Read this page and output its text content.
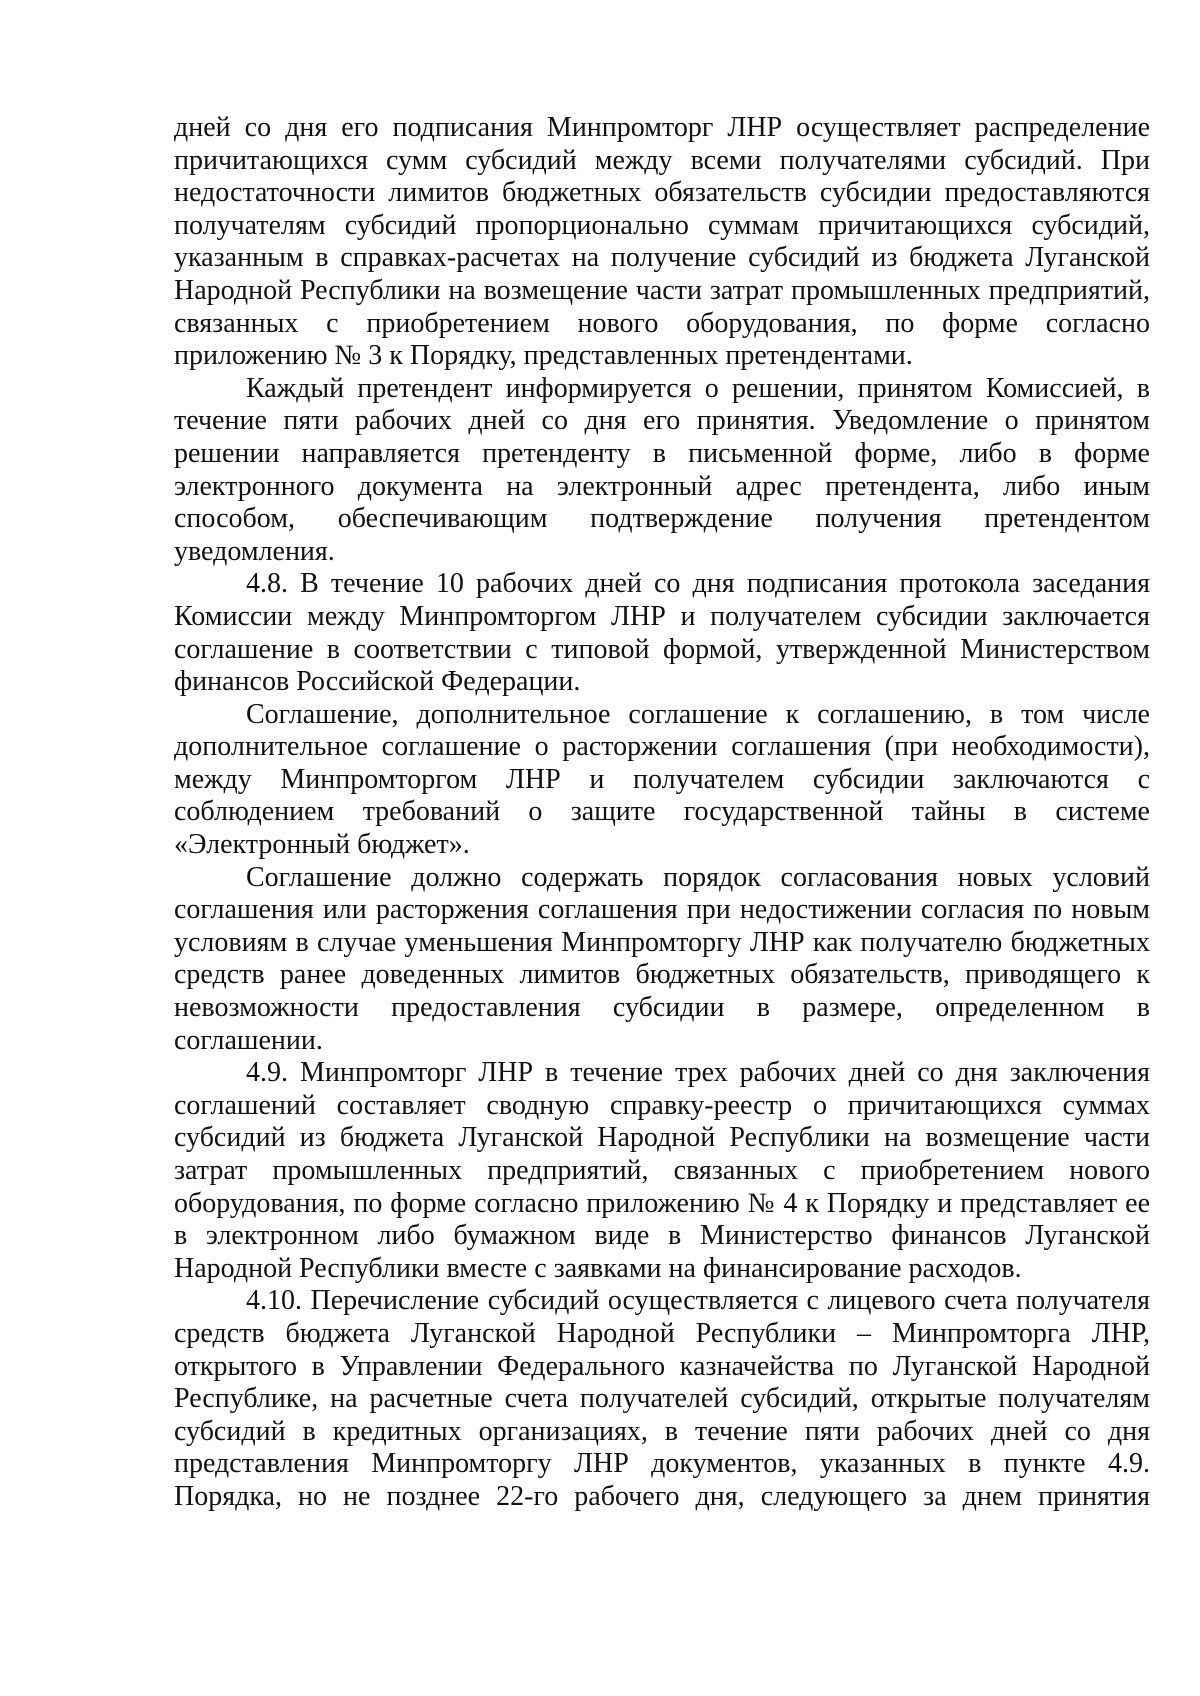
дней со дня его подписания Минпромторг ЛНР осуществляет распределение причитающихся сумм субсидий между всеми получателями субсидий. При недостаточности лимитов бюджетных обязательств субсидии предоставляются получателям субсидий пропорционально суммам причитающихся субсидий, указанным в справках-расчетах на получение субсидий из бюджета Луганской Народной Республики на возмещение части затрат промышленных предприятий, связанных с приобретением нового оборудования, по форме согласно приложению № 3 к Порядку, представленных претендентами.

Каждый претендент информируется о решении, принятом Комиссией, в течение пяти рабочих дней со дня его принятия. Уведомление о принятом решении направляется претенденту в письменной форме, либо в форме электронного документа на электронный адрес претендента, либо иным способом, обеспечивающим подтверждение получения претендентом уведомления.

4.8. В течение 10 рабочих дней со дня подписания протокола заседания Комиссии между Минпромторгом ЛНР и получателем субсидии заключается соглашение в соответствии с типовой формой, утвержденной Министерством финансов Российской Федерации.

Соглашение, дополнительное соглашение к соглашению, в том числе дополнительное соглашение о расторжении соглашения (при необходимости), между Минпромторгом ЛНР и получателем субсидии заключаются с соблюдением требований о защите государственной тайны в системе «Электронный бюджет».

Соглашение должно содержать порядок согласования новых условий соглашения или расторжения соглашения при недостижении согласия по новым условиям в случае уменьшения Минпромторгу ЛНР как получателю бюджетных средств ранее доведенных лимитов бюджетных обязательств, приводящего к невозможности предоставления субсидии в размере, определенном в соглашении.

4.9. Минпромторг ЛНР в течение трех рабочих дней со дня заключения соглашений составляет сводную справку-реестр о причитающихся суммах субсидий из бюджета Луганской Народной Республики на возмещение части затрат промышленных предприятий, связанных с приобретением нового оборудования, по форме согласно приложению № 4 к Порядку и представляет ее в электронном либо бумажном виде в Министерство финансов Луганской Народной Республики вместе с заявками на финансирование расходов.

4.10. Перечисление субсидий осуществляется с лицевого счета получателя средств бюджета Луганской Народной Республики – Минпромторга ЛНР, открытого в Управлении Федерального казначейства по Луганской Народной Республике, на расчетные счета получателей субсидий, открытые получателям субсидий в кредитных организациях, в течение пяти рабочих дней со дня представления Минпромторгу ЛНР документов, указанных в пункте 4.9. Порядка, но не позднее 22-го рабочего дня, следующего за днем принятия
